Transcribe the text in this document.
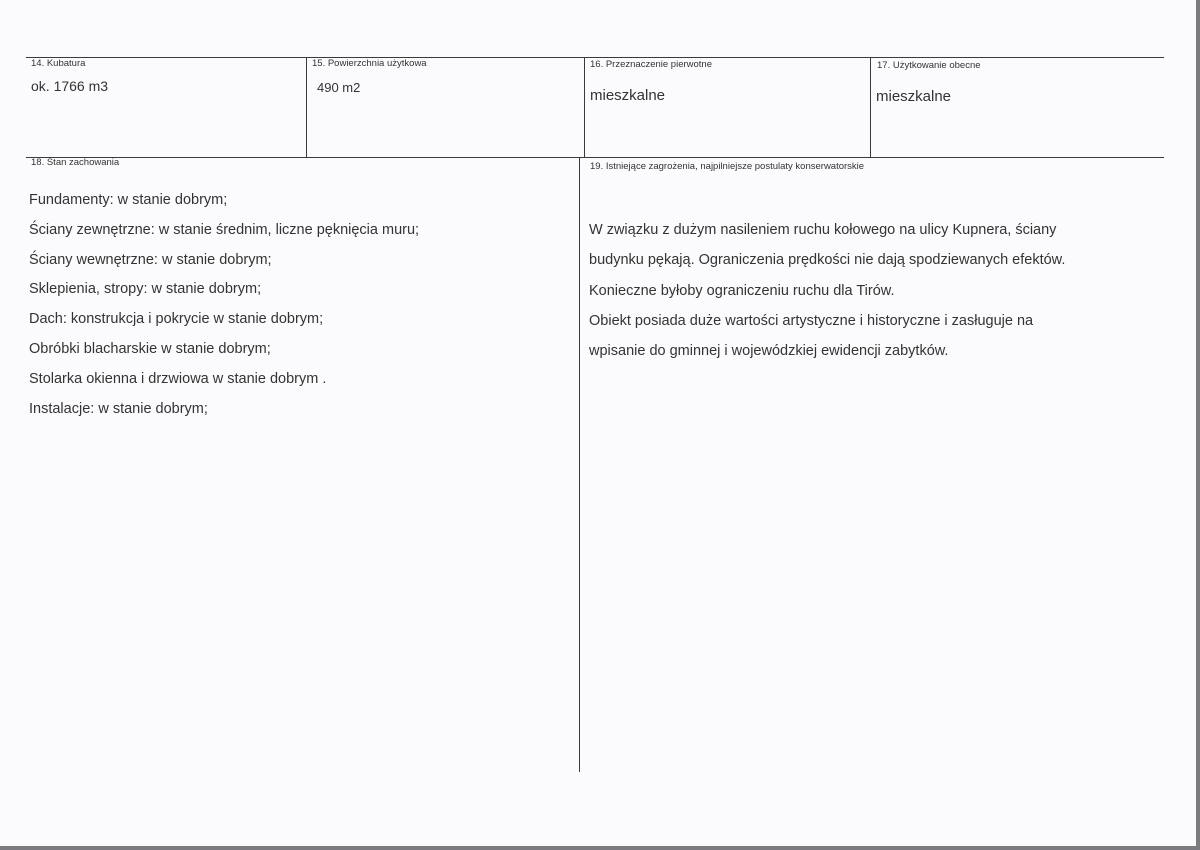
14. Kubatura
ok. 1766 m3
15. Powierzchnia użytkowa
490 m2
16. Przeznaczenie pierwotne
mieszkalne
17. Użytkowanie obecne
mieszkalne
18. Stan zachowania
Fundamenty: w stanie dobrym;
Ściany zewnętrzne: w stanie średnim, liczne pęknięcia muru;
Ściany wewnętrzne: w stanie dobrym;
Sklepienia, stropy: w stanie dobrym;
Dach: konstrukcja i pokrycie w stanie dobrym;
Obróbki blacharskie w stanie dobrym;
Stolarka okienna i drzwiowa w stanie dobrym .
Instalacje: w stanie dobrym;
19. Istniejące zagrożenia, najpilniejsze postulaty konserwatorskie
W związku z dużym nasileniem ruchu kołowego na ulicy Kupnera, ściany
budynku pękają. Ograniczenia prędkości nie dają spodziewanych efektów.
Konieczne byłoby ograniczeniu ruchu dla Tirów.
Obiekt posiada duże wartości artystyczne i historyczne i zasługuje na
wpisanie do gminnej i wojewódzkiej ewidencji zabytków.
